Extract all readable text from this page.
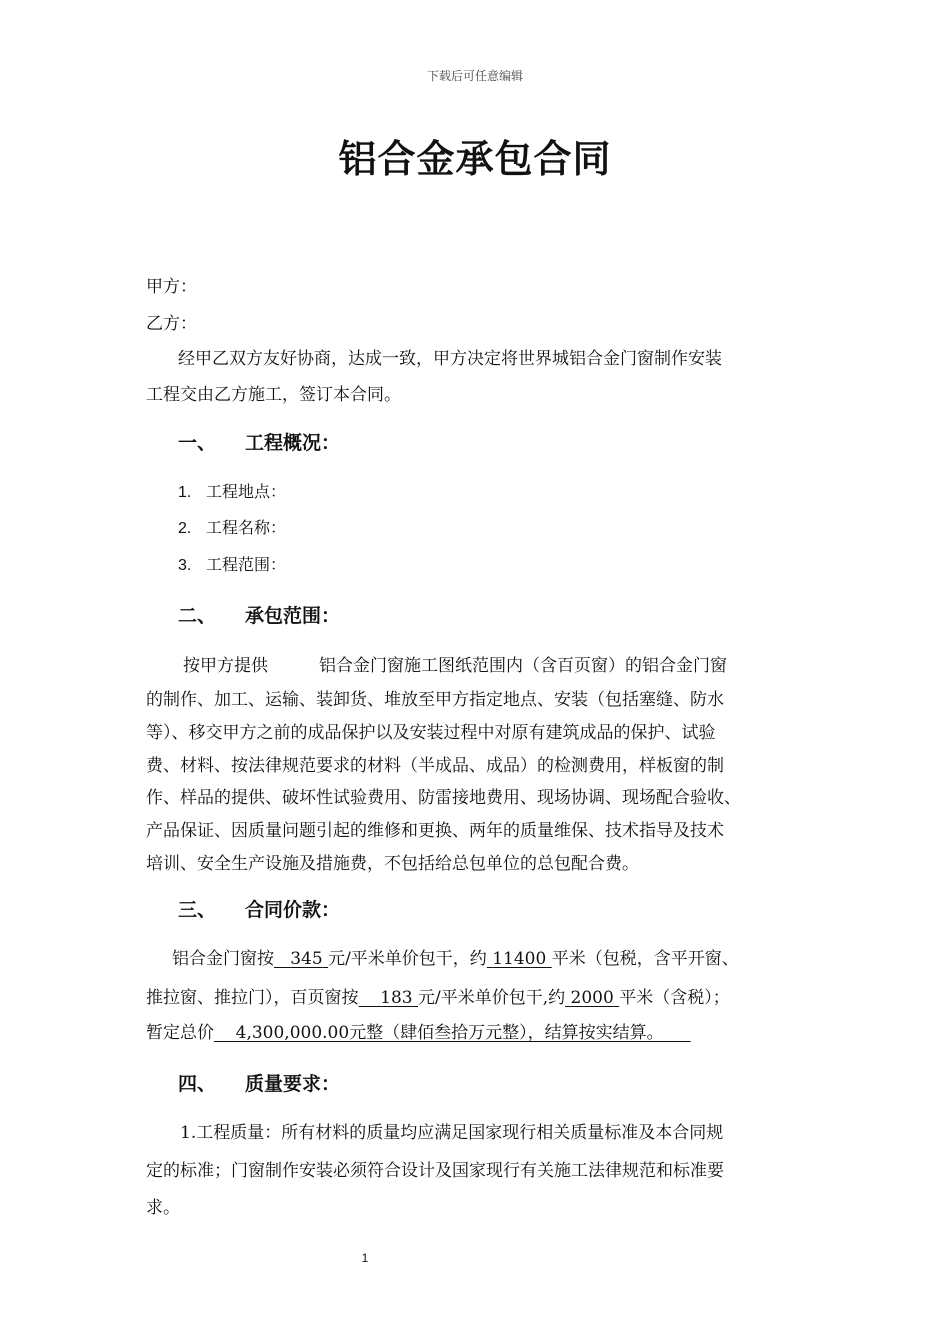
下载后可任意编辑
铝合金承包合同
甲方：
乙方：
经甲乙双方友好协商，达成一致，甲方决定将世界城铝合金门窗制作安装
工程交由乙方施工，签订本合同。
一、 工程概况：
1. 工程地点：
2. 工程名称：
3. 工程范围：
二、 承包范围：
按甲方提供　　　铝合金门窗施工图纸范围内（含百页窗）的铝合金门窗
的制作、加工、运输、装卸货、堆放至甲方指定地点、安装（包括塞缝、防水
等）、移交甲方之前的成品保护以及安装过程中对原有建筑成品的保护、试验
费、材料、按法律规范要求的材料（半成品、成品）的检测费用，样板窗的制
作、样品的提供、破坏性试验费用、防雷接地费用、现场协调、现场配合验收、
产品保证、因质量问题引起的维修和更换、两年的质量维保、技术指导及技术
培训、安全生产设施及措施费，不包括给总包单位的总包配合费。
三、 合同价款：
铝合金门窗按 345 元/平米单价包干，约 11400 平米（包税，含平开窗、
推拉窗、推拉门），百页窗按 183 元/平米单价包干,约 2000 平米（含税）；
暂定总价 4,300,000.00元整（肆佰叁拾万元整），结算按实结算。
四、 质量要求：
1.工程质量：所有材料的质量均应满足国家现行相关质量标准及本合同规
定的标准；门窗制作安装必须符合设计及国家现行有关施工法律规范和标准要
求。
1
